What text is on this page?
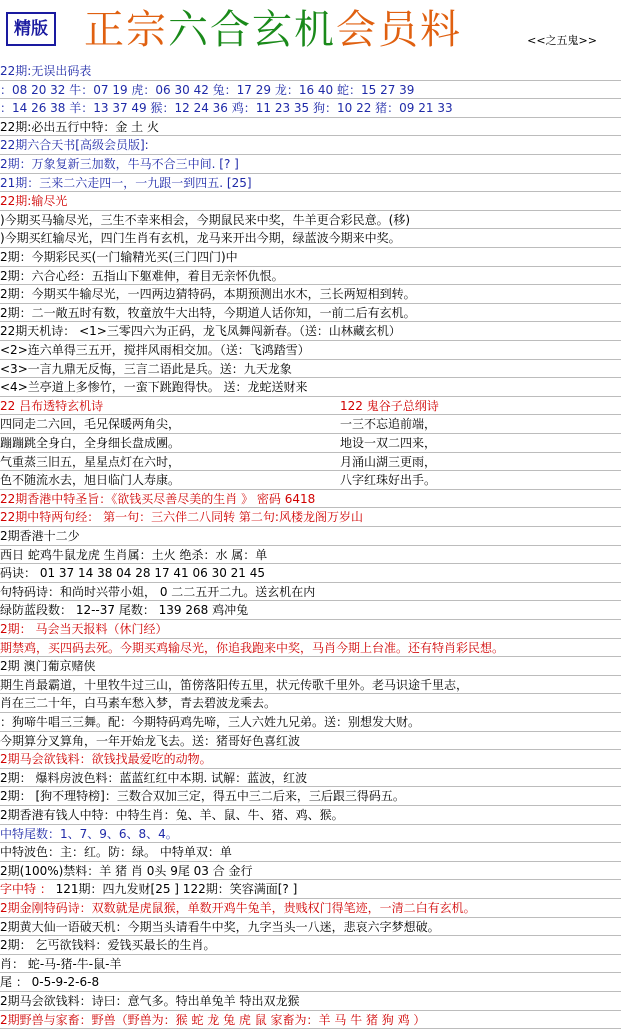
精版 正宗六合玄机会员料	<<之五鬼>>
22期:无误出码表
：08 20 32 牛：07 19 虎：06 30 42 兔：17 29 龙：16 40 蛇：15 27 39
：14 26 38 羊：13 37 49 猴：12 24 36 鸡：11 23 35 狗：10 22 猪：09 21 33
22期:必出五行中特：金 土 火
22期六合天书[高级会员版]:
2期：万象复新三加数，牛马不合三中间. [? ]
21期：三来二六走四一，一九跟一到四五. [25]
22期:输尽光
)今期买马输尽光，三生不幸来相会，今期鼠民来中奖，牛羊更合彩民意。(移)
)今期买红输尽光，四门生肖有玄机，龙马来开出今期，绿蓝波今期来中奖。
2期：今期彩民买(一门输精光买(三门四门)中
2期：六合心经：五指山下躯难伸，着目无亲怀仇恨。
2期：今期买牛输尽光，一四两边猜特码，本期预测出水木，三长两短相到转。
2期：二一敞五时有数，牧童放牛大出特，今期道人话你知，一前二后有玄机。
22期天机诗： <1>三零四六为正码，龙飞凤舞闯新春。（送：山林藏玄机）
<2>连六单得三五开，搅拌风雨相交加。（送：飞鸿踏雪）
<3>一言九鼎无反悔，三言二语此是兵。送：九天龙象
<4>兰亭道上多惨竹，一蛮下跳跑得快。 送：龙蛇送财来
22 吕布透特玄机诗	122 鬼谷子总纲诗
四同走二六回，毛兄保暖两角尖，	一三不忘追前端，
蹦蹦跳全身白，全身细长盘成團。	地设一双二四来，
气重蒸三旧五，星星点灯在六时，	月涌山湖三更雨，
色不随流水去，旭日临门人寿康。	八字红珠好出手。
22期香港中特圣旨：《欲钱买尽善尽美的生肖 》 密码 6418
22期中特两句经： 第一句：三六伴二八同转 第二句:风楼龙阁万岁山
2期香港十二少
西日 蛇鸡牛鼠龙虎 生肖属：土火 绝杀：水 属：单
码诀： 01 37 14 38 04 28 17 41 06 30 21 45
句特码诗：和尚时兴带小姐， 0 二二五开二九。送玄机在内
绿防蓝段数： 12--37 尾数： 139 268 鸡冲兔
2期： 马会当天报料（休门经）
期禁鸡，买四码去死。今期买鸡输尽光，你追我跑来中奖，马肖今期上台准。还有特肖彩民想。
2期 澳门葡京赌侠
期生肖最霸道，十里牧牛过三山，笛傍落阳传五里，状元传歌千里外。老马识途千里志，
肖在三二十年，白马素车愁入梦，青去碧波龙乘去。
：狗啼牛唱三三舞。配：今期特码鸡先啼，三人六姓九兄弟。送：别想发大财。
今期算分叉算角，一年开始龙飞去。送：猪哥好色喜红波
2期马会欲钱料：欲钱找最爱吃的动物。
2期： 爆料房波色料：蓝蓝红红中本期. 试解：蓝波，红波
2期： [狗不理特榜]：三数合双加三定，得五中三二后来，三后跟三得码五。
2期香港有钱人中特：中特生肖：兔、羊、鼠、牛、猪、鸡、猴。
中特尾数：1、7、9、6、8、4。
中特波色：主：红。防：绿。 中特单双：单
2期(100%)禁料：羊 猪 肖 0头 9尾 03 合 金行
字中特 ： 121期：四九发财[25 ] 122期：笑容满面[? ]
2期金刚特码诗：双数就是虎鼠猴，单数开鸡牛兔羊，贵贱权门得笔迹，一清二白有玄机。
2期黄大仙一语破天机：今期当头请看牛中奖，九字当头一八迷，悲哀六字梦想破。
2期： 乞丐欲钱料：爱钱买最长的生肖。
肖： 蛇-马-猪-牛-鼠-羊
尾 ： 0-5-9-2-6-8
2期马会欲钱料：诗曰：意气多。特出单兔羊 特出双龙猴
2期野兽与家畜：野兽（野兽为：猴 蛇 龙 兔 虎 鼠 家畜为：羊 马 牛 猪 狗 鸡 ）
